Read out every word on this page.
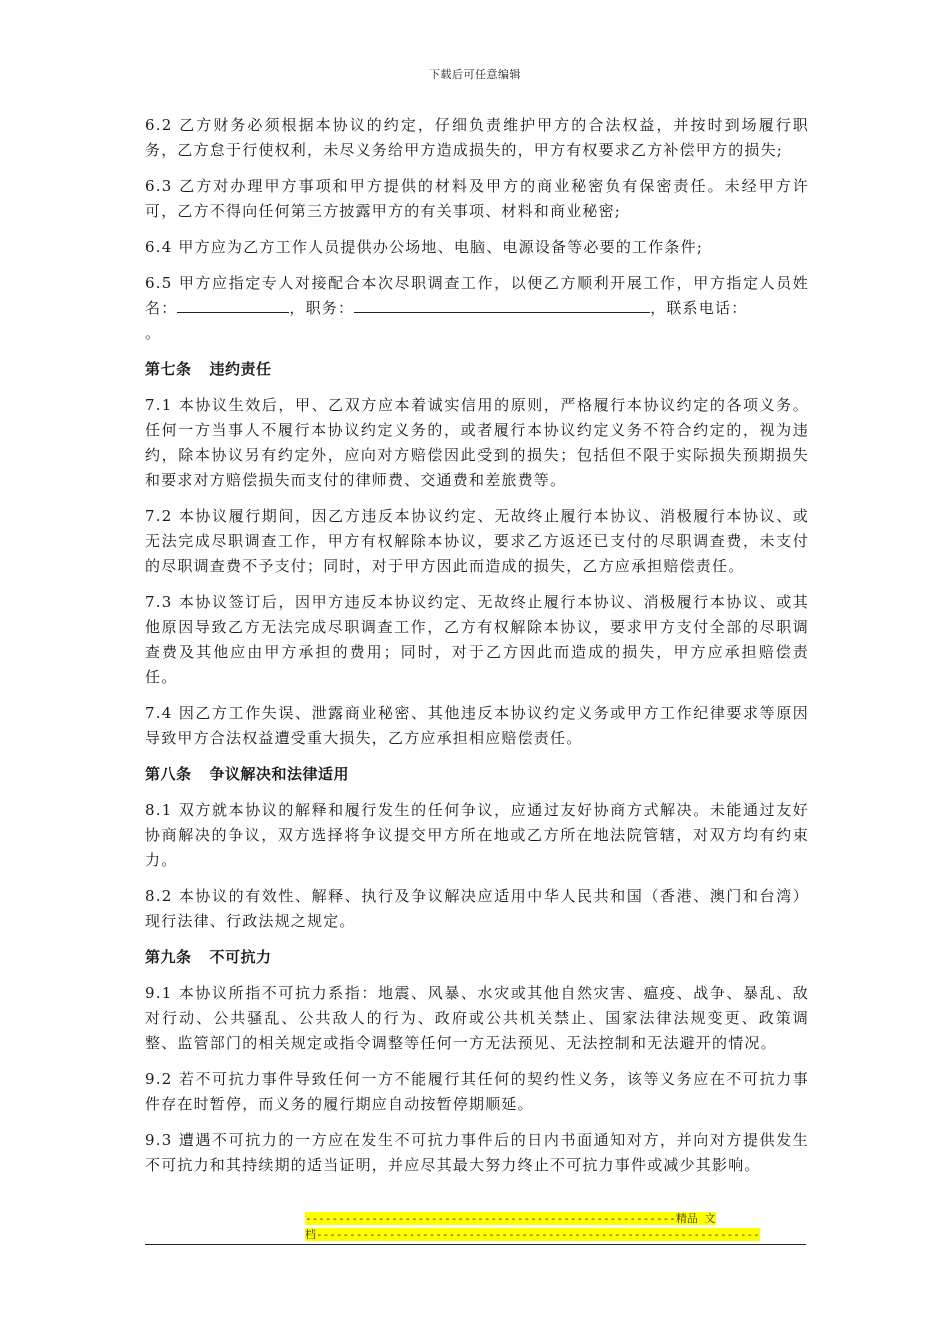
下载后可任意编辑

6.2 乙方财务必须根据本协议的约定，仔细负责维护甲方的合法权益，并按时到场履行职务，乙方怠于行使权利，未尽义务给甲方造成损失的，甲方有权要求乙方补偿甲方的损失;

6.3 乙方对办理甲方事项和甲方提供的材料及甲方的商业秘密负有保密责任。未经甲方许可，乙方不得向任何第三方披露甲方的有关事项、材料和商业秘密;

6.4 甲方应为乙方工作人员提供办公场地、电脑、电源设备等必要的工作条件;

6.5 甲方应指定专人对接配合本次尽职调查工作，以便乙方顺利开展工作，甲方指定人员姓名：	，职务：	，联系电话：
。

第七条 违约责任

7.1 本协议生效后，甲、乙双方应本着诚实信用的原则，严格履行本协议约定的各项义务。任何一方当事人不履行本协议约定义务的，或者履行本协议约定义务不符合约定的，视为违约，除本协议另有约定外，应向对方赔偿因此受到的损失；包括但不限于实际损失预期损失和要求对方赔偿损失而支付的律师费、交通费和差旅费等。

7.2 本协议履行期间，因乙方违反本协议约定、无故终止履行本协议、消极履行本协议、或无法完成尽职调查工作，甲方有权解除本协议，要求乙方返还已支付的尽职调查费，未支付的尽职调查费不予支付；同时，对于甲方因此而造成的损失，乙方应承担赔偿责任。

7.3 本协议签订后，因甲方违反本协议约定、无故终止履行本协议、消极履行本协议、或其他原因导致乙方无法完成尽职调查工作，乙方有权解除本协议，要求甲方支付全部的尽职调查费及其他应由甲方承担的费用；同时，对于乙方因此而造成的损失，甲方应承担赔偿责任。

7.4 因乙方工作失误、泄露商业秘密、其他违反本协议约定义务或甲方工作纪律要求等原因导致甲方合法权益遭受重大损失，乙方应承担相应赔偿责任。

第八条 争议解决和法律适用

8.1 双方就本协议的解释和履行发生的任何争议，应通过友好协商方式解决。未能通过友好协商解决的争议，双方选择将争议提交甲方所在地或乙方所在地法院管辖，对双方均有约束力。

8.2 本协议的有效性、解释、执行及争议解决应适用中华人民共和国（香港、澳门和台湾）现行法律、行政法规之规定。

第九条 不可抗力

9.1 本协议所指不可抗力系指：地震、风暴、水灾或其他自然灾害、瘟疫、战争、暴乱、敌对行动、公共骚乱、公共敌人的行为、政府或公共机关禁止、国家法律法规变更、政策调整、监管部门的相关规定或指令调整等任何一方无法预见、无法控制和无法避开的情况。

9.2 若不可抗力事件导致任何一方不能履行其任何的契约性义务，该等义务应在不可抗力事件存在时暂停，而义务的履行期应自动按暂停期顺延。

9.3 遭遇不可抗力的一方应在发生不可抗力事件后的日内书面通知对方，并向对方提供发生不可抗力和其持续期的适当证明，并应尽其最大努力终止不可抗力事件或减少其影响。

--------------------------------------------------------精品 文
档-------------------------------------------------------------------
